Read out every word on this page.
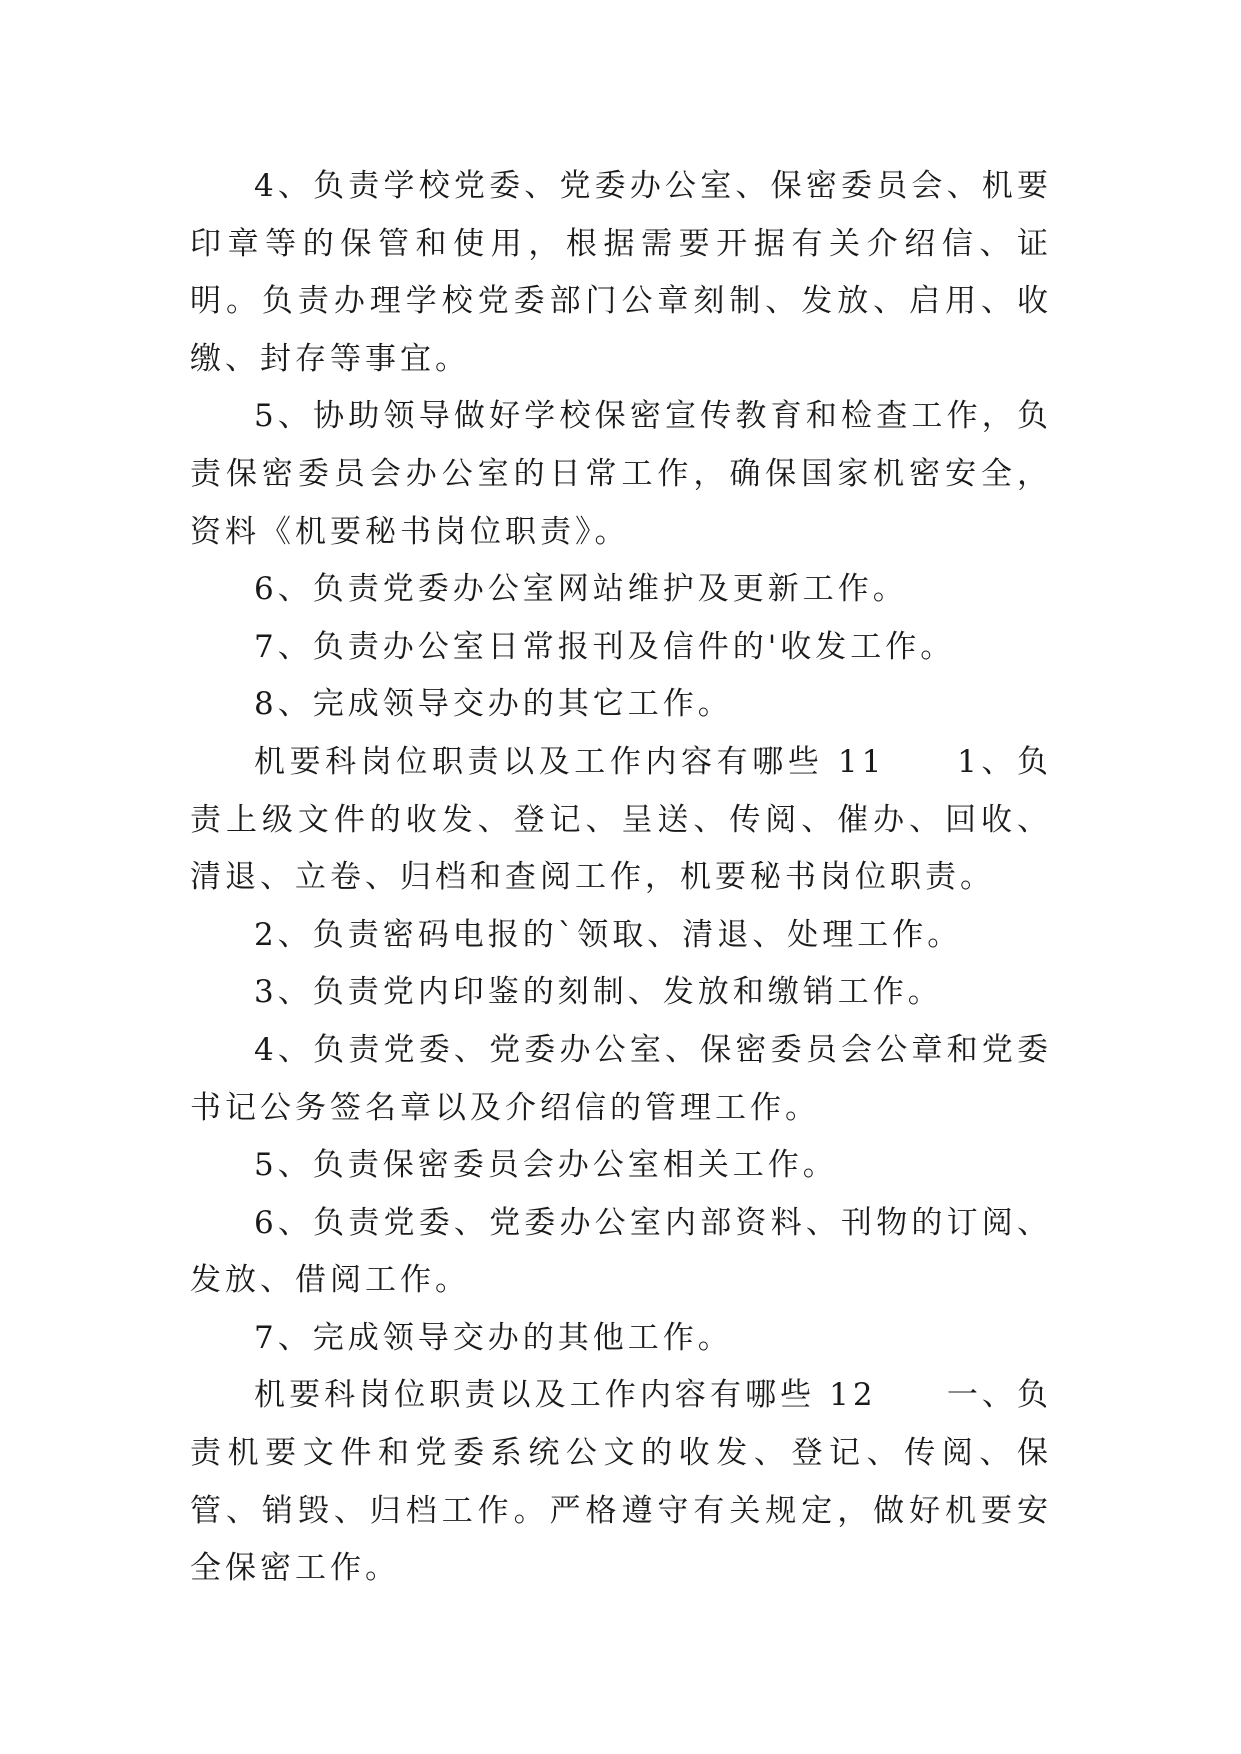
4、负责学校党委、党委办公室、保密委员会、机要印章等的保管和使用，根据需要开据有关介绍信、证明。负责办理学校党委部门公章刻制、发放、启用、收缴、封存等事宜。

5、协助领导做好学校保密宣传教育和检查工作，负责保密委员会办公室的日常工作，确保国家机密安全，资料《机要秘书岗位职责》。

6、负责党委办公室网站维护及更新工作。

7、负责办公室日常报刊及信件的'收发工作。

8、完成领导交办的其它工作。

机要科岗位职责以及工作内容有哪些 11　　1、负责上级文件的收发、登记、呈送、传阅、催办、回收、清退、立卷、归档和查阅工作，机要秘书岗位职责。

2、负责密码电报的`领取、清退、处理工作。

3、负责党内印鉴的刻制、发放和缴销工作。

4、负责党委、党委办公室、保密委员会公章和党委书记公务签名章以及介绍信的管理工作。

5、负责保密委员会办公室相关工作。

6、负责党委、党委办公室内部资料、刊物的订阅、发放、借阅工作。

7、完成领导交办的其他工作。

机要科岗位职责以及工作内容有哪些 12　　一、负责机要文件和党委系统公文的收发、登记、传阅、保管、销毁、归档工作。严格遵守有关规定，做好机要安全保密工作。
